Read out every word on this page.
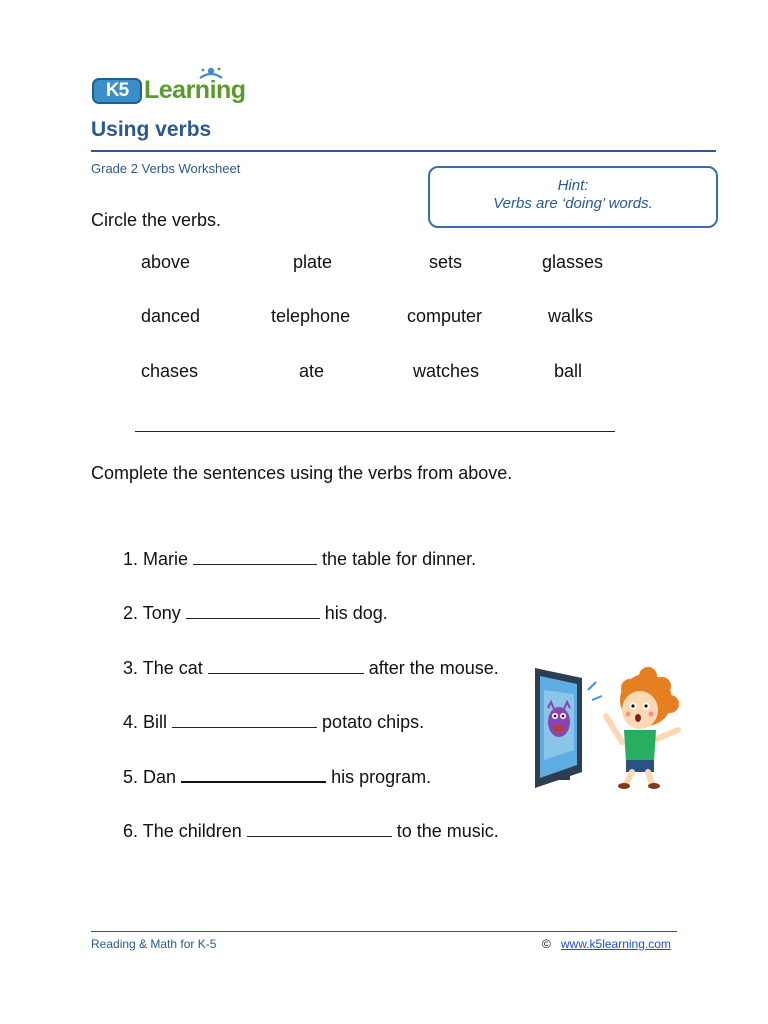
K5 Learning
Using verbs
Grade 2 Verbs Worksheet
Hint:
Verbs are ‘doing’ words.
Circle the verbs.
above	plate	sets	glasses
danced	telephone	computer	walks
chases	ate	watches	ball
Complete the sentences using the verbs from above.

1. Marie	the table for dinner.

2. Tony	his dog.

3. The cat	after the mouse.

4. Bill	potato chips.

5. Dan	his program.

6. The children	to the music.

Reading & Math for K-5	© www.k5learning.com
